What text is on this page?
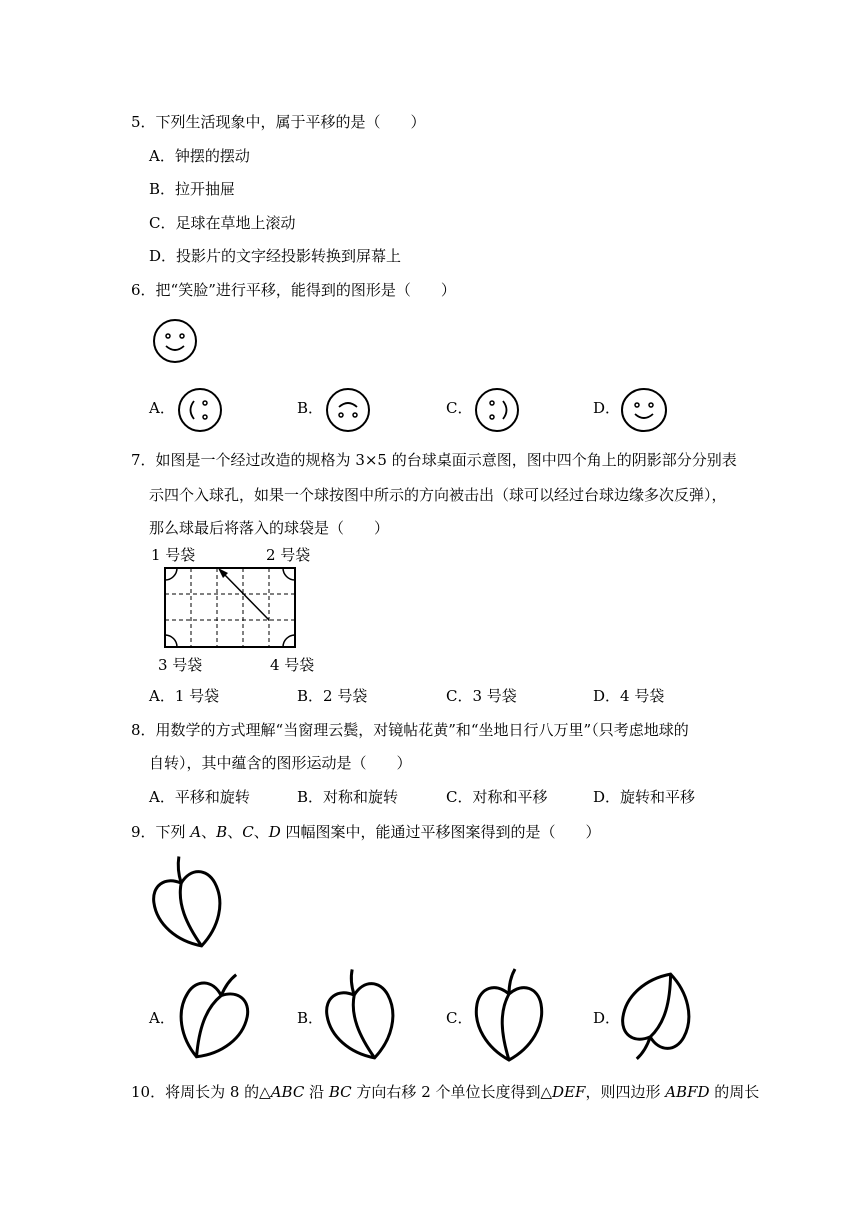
5．下列生活现象中，属于平移的是（　　）
A．钟摆的摆动
B．拉开抽屉
C．足球在草地上滚动
D．投影片的文字经投影转换到屏幕上
6．把“笑脸”进行平移，能得到的图形是（　　）
A．	B．	C．	D．
7．如图是一个经过改造的规格为 3×5 的台球桌面示意图，图中四个角上的阴影部分分别表
示四个入球孔，如果一个球按图中所示的方向被击出（球可以经过台球边缘多次反弹），
那么球最后将落入的球袋是（　　）
1 号袋	2 号袋
3 号袋	4 号袋
A．1 号袋	B．2 号袋	C．3 号袋	D．4 号袋
8．用数学的方式理解“当窗理云鬓，对镜帖花黄”和“坐地日行八万里”（只考虑地球的
自转），其中蕴含的图形运动是（　　）
A．平移和旋转	B．对称和旋转	C．对称和平移	D．旋转和平移
9．下列 A、B、C、D 四幅图案中，能通过平移图案得到的是（　　）
A．	B．	C．	D．
10．将周长为 8 的△ABC 沿 BC 方向右移 2 个单位长度得到△DEF，则四边形 ABFD 的周长
